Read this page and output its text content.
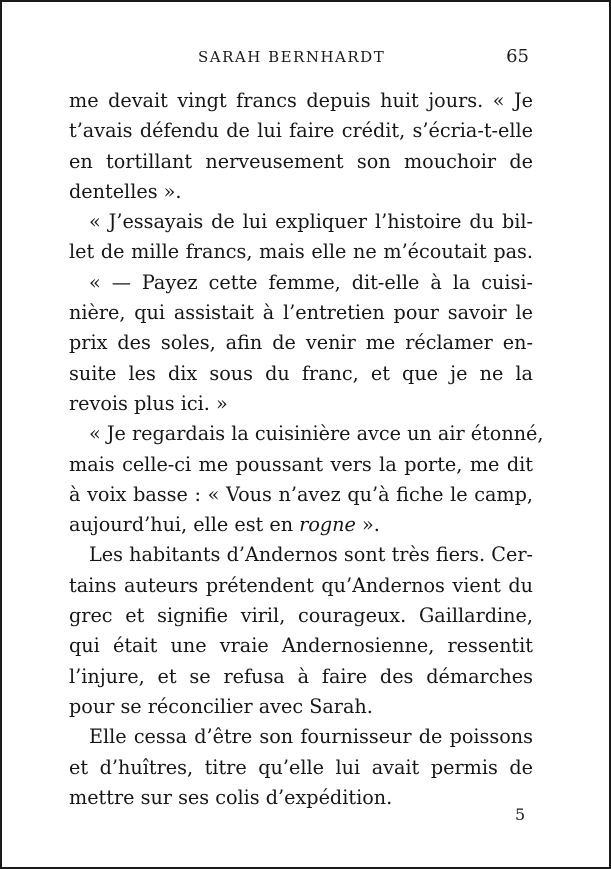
SARAH BERNHARDT	65
me devait vingt francs depuis huit jours. « Je
t’avais défendu de lui faire crédit, s’écria-t-elle
en tortillant nerveusement son mouchoir de
dentelles ».
« J’essayais de lui expliquer l’histoire du bil-
let de mille francs, mais elle ne m’écoutait pas.
« — Payez cette femme, dit-elle à la cuisi-
nière, qui assistait à l’entretien pour savoir le
prix des soles, afin de venir me réclamer en-
suite les dix sous du franc, et que je ne la
revois plus ici. »
« Je regardais la cuisinière avce un air étonné,
mais celle-ci me poussant vers la porte, me dit
à voix basse : « Vous n’avez qu’à fiche le camp,
aujourd’hui, elle est en rogne ».
Les habitants d’Andernos sont très fiers. Cer-
tains auteurs prétendent qu’Andernos vient du
grec et signifie viril, courageux. Gaillardine,
qui était une vraie Andernosienne, ressentit
l’injure, et se refusa à faire des démarches
pour se réconcilier avec Sarah.
Elle cessa d’être son fournisseur de poissons
et d’huîtres, titre qu’elle lui avait permis de
mettre sur ses colis d’expédition.
5
